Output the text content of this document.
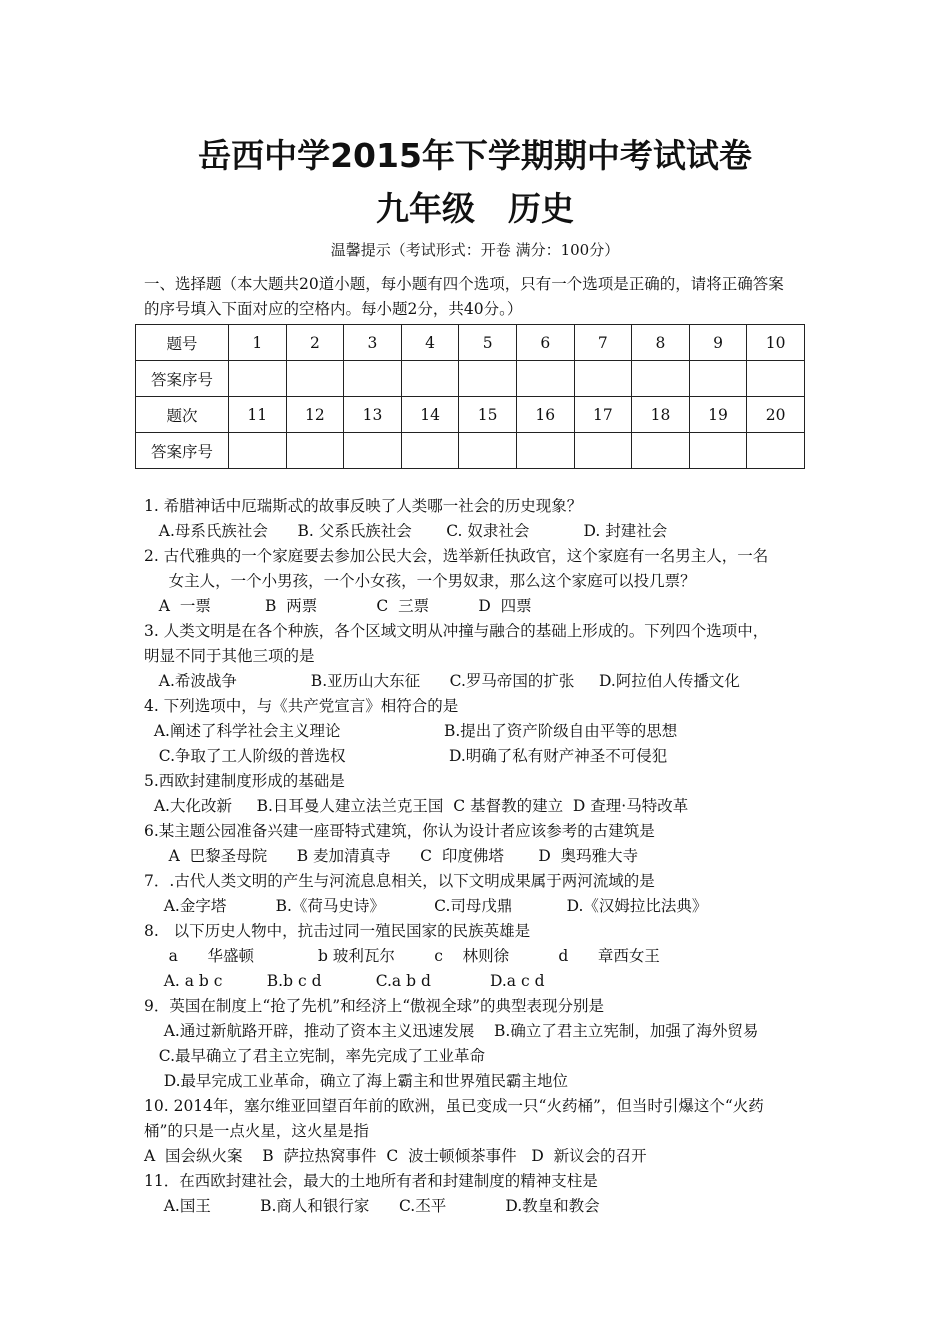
岳西中学2015年下学期期中考试试卷
九年级　历史
温馨提示（考试形式：开卷 满分：100分）
一、选择题（本大题共20道小题，每小题有四个选项，只有一个选项是正确的，请将正确答案
的序号填入下面对应的空格内。每小题2分，共40分。）
题号	1	2	3	4	5	6	7	8	9	10
答案序号										
题次	11	12	13	14	15	16	17	18	19	20
答案序号										
1. 希腊神话中厄瑞斯忒的故事反映了人类哪一社会的历史现象？
A.母系氏族社会      B. 父系氏族社会       C. 奴隶社会           D. 封建社会
2. 古代雅典的一个家庭要去参加公民大会，选举新任执政官，这个家庭有一名男主人，一名
女主人，一个小男孩，一个小女孩，一个男奴隶，那么这个家庭可以投几票？
A  一票           B  两票            C  三票          D  四票
3. 人类文明是在各个种族，各个区域文明从冲撞与融合的基础上形成的。下列四个选项中，
明显不同于其他三项的是
A.希波战争               B.亚历山大东征      C.罗马帝国的扩张     D.阿拉伯人传播文化
4. 下列选项中，与《共产党宣言》相符合的是
A.阐述了科学社会主义理论                     B.提出了资产阶级自由平等的思想
C.争取了工人阶级的普选权                     D.明确了私有财产神圣不可侵犯
5.西欧封建制度形成的基础是
A.大化改新     B.日耳曼人建立法兰克王国  C 基督教的建立  D 查理·马特改革
6.某主题公园准备兴建一座哥特式建筑，你认为设计者应该参考的古建筑是
A  巴黎圣母院      B 麦加清真寺      C  印度佛塔       D  奥玛雅大寺
7．.古代人类文明的产生与河流息息相关，以下文明成果属于两河流域的是
A.金字塔          B.《荷马史诗》          C.司母戊鼎           D.《汉姆拉比法典》
8.   以下历史人物中，抗击过同一殖民国家的民族英雄是
a      华盛顿             b 玻利瓦尔        c    林则徐          d      章西女王
A. a b c         B.b c d           C.a b d            D.a c d
9．英国在制度上“抢了先机”和经济上“傲视全球”的典型表现分别是
A.通过新航路开辟，推动了资本主义迅速发展    B.确立了君主立宪制，加强了海外贸易
C.最早确立了君主立宪制，率先完成了工业革命
D.最早完成工业革命，确立了海上霸主和世界殖民霸主地位
10. 2014年，塞尔维亚回望百年前的欧洲，虽已变成一只“火药桶”，但当时引爆这个“火药
桶”的只是一点火星，这火星是指
A  国会纵火案    B  萨拉热窝事件  C  波士顿倾茶事件   D  新议会的召开
11．在西欧封建社会，最大的土地所有者和封建制度的精神支柱是
A.国王          B.商人和银行家      C.丕平            D.教皇和教会
